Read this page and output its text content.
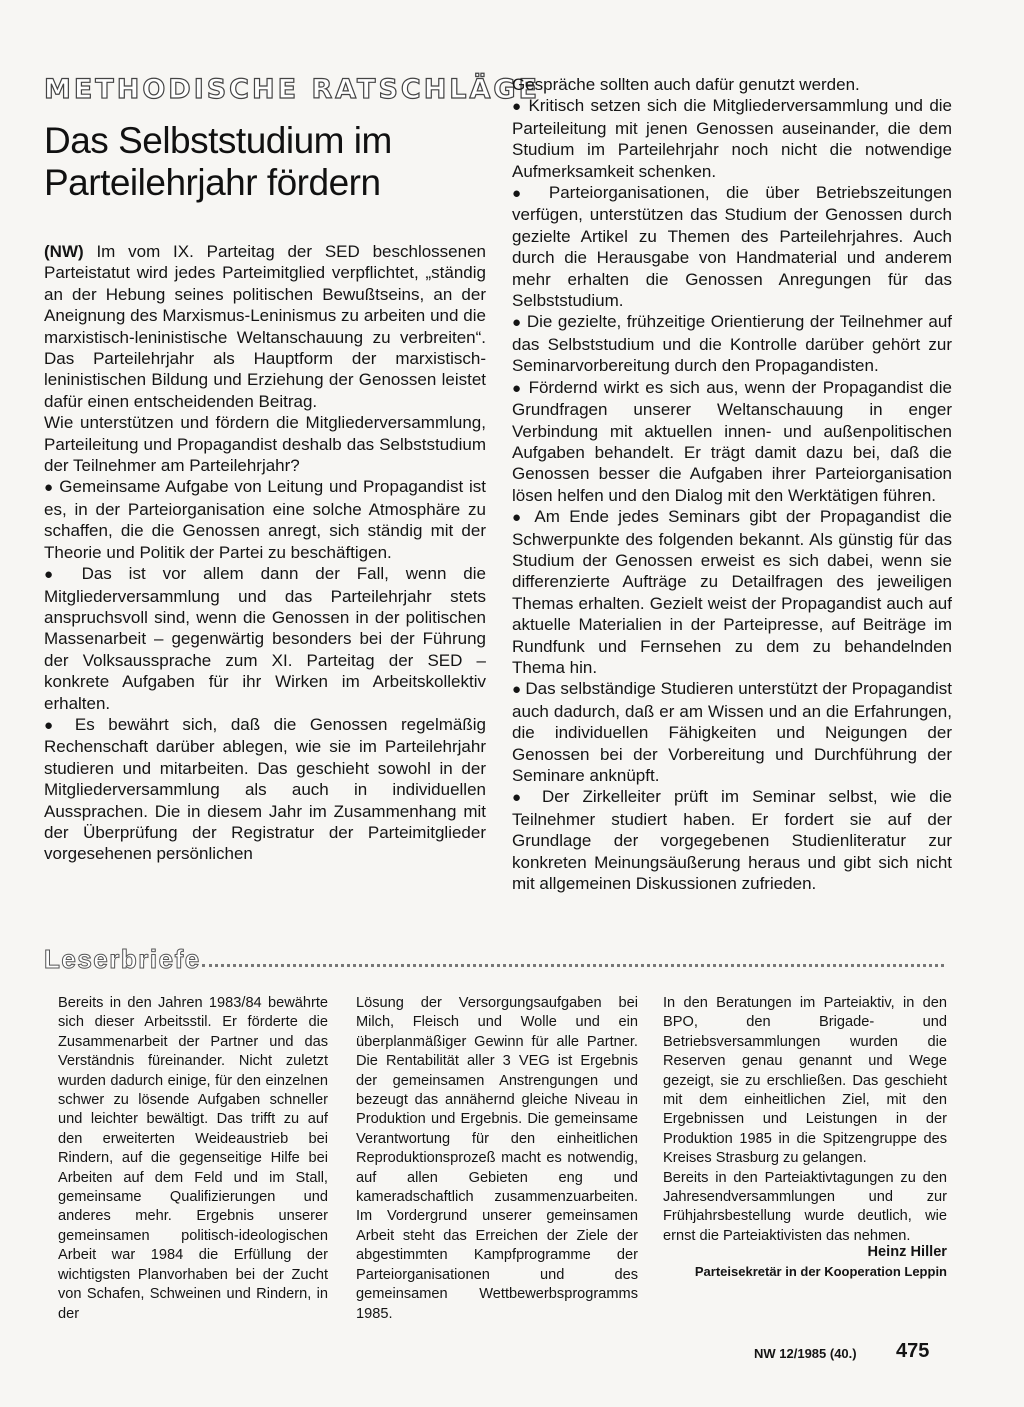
METHODISCHE RATSCHLÄGE
Das Selbststudium im Parteilehrjahr fördern

(NW) Im vom IX. Parteitag der SED beschlossenen Parteistatut wird jedes Parteimitglied verpflichtet, „ständig an der Hebung seines politischen Bewußtseins, an der Aneignung des Marxismus-Leninismus zu arbeiten und die marxistisch-leninistische Weltanschauung zu verbreiten“. Das Parteilehrjahr als Hauptform der marxistisch-leninistischen Bildung und Erziehung der Genossen leistet dafür einen entscheidenden Beitrag.

Wie unterstützen und fördern die Mitgliederversammlung, Parteileitung und Propagandist deshalb das Selbststudium der Teilnehmer am Parteilehrjahr?

● Gemeinsame Aufgabe von Leitung und Propagandist ist es, in der Parteiorganisation eine solche Atmosphäre zu schaffen, die die Genossen anregt, sich ständig mit der Theorie und Politik der Partei zu beschäftigen.

● Das ist vor allem dann der Fall, wenn die Mitgliederversammlung und das Parteilehrjahr stets anspruchsvoll sind, wenn die Genossen in der politischen Massenarbeit – gegenwärtig besonders bei der Führung der Volksaussprache zum XI. Parteitag der SED – konkrete Aufgaben für ihr Wirken im Arbeitskollektiv erhalten.

● Es bewährt sich, daß die Genossen regelmäßig Rechenschaft darüber ablegen, wie sie im Parteilehrjahr studieren und mitarbeiten. Das geschieht sowohl in der Mitgliederversammlung als auch in individuellen Aussprachen. Die in diesem Jahr im Zusammenhang mit der Überprüfung der Registratur der Parteimitglieder vorgesehenen persönlichen

Gespräche sollten auch dafür genutzt werden.

● Kritisch setzen sich die Mitgliederversammlung und die Parteileitung mit jenen Genossen auseinander, die dem Studium im Parteilehrjahr noch nicht die notwendige Aufmerksamkeit schenken.

● Parteiorganisationen, die über Betriebszeitungen verfügen, unterstützen das Studium der Genossen durch gezielte Artikel zu Themen des Parteilehrjahres. Auch durch die Herausgabe von Handmaterial und anderem mehr erhalten die Genossen Anregungen für das Selbststudium.

● Die gezielte, frühzeitige Orientierung der Teilnehmer auf das Selbststudium und die Kontrolle darüber gehört zur Seminarvorbereitung durch den Propagandisten.

● Fördernd wirkt es sich aus, wenn der Propagandist die Grundfragen unserer Weltanschauung in enger Verbindung mit aktuellen innen- und außenpolitischen Aufgaben behandelt. Er trägt damit dazu bei, daß die Genossen besser die Aufgaben ihrer Parteiorganisation lösen helfen und den Dialog mit den Werktätigen führen.

● Am Ende jedes Seminars gibt der Propagandist die Schwerpunkte des folgenden bekannt. Als günstig für das Studium der Genossen erweist es sich dabei, wenn sie differenzierte Aufträge zu Detailfragen des jeweiligen Themas erhalten. Gezielt weist der Propagandist auch auf aktuelle Materialien in der Parteipresse, auf Beiträge im Rundfunk und Fernsehen zu dem zu behandelnden Thema hin.

● Das selbständige Studieren unterstützt der Propagandist auch dadurch, daß er am Wissen und an die Erfahrungen, die individuellen Fähigkeiten und Neigungen der Genossen bei der Vorbereitung und Durchführung der Seminare anknüpft.

● Der Zirkelleiter prüft im Seminar selbst, wie die Teilnehmer studiert haben. Er fordert sie auf der Grundlage der vorgegebenen Studienliteratur zur konkreten Meinungsäußerung heraus und gibt sich nicht mit allgemeinen Diskussionen zufrieden.

Leserbriefe

Bereits in den Jahren 1983/84 bewährte sich dieser Arbeitsstil. Er förderte die Zusammenarbeit der Partner und das Verständnis füreinander. Nicht zuletzt wurden dadurch einige, für den einzelnen schwer zu lösende Aufgaben schneller und leichter bewältigt. Das trifft zu auf den erweiterten Weideaustrieb bei Rindern, auf die gegenseitige Hilfe bei Arbeiten auf dem Feld und im Stall, gemeinsame Qualifizierungen und anderes mehr. Ergebnis unserer gemeinsamen politisch-ideologischen Arbeit war 1984 die Erfüllung der wichtigsten Planvorhaben bei der Zucht von Schafen, Schweinen und Rindern, in der

Lösung der Versorgungsaufgaben bei Milch, Fleisch und Wolle und ein überplanmäßiger Gewinn für alle Partner. Die Rentabilität aller 3 VEG ist Ergebnis der gemeinsamen Anstrengungen und bezeugt das annähernd gleiche Niveau in Produktion und Ergebnis. Die gemeinsame Verantwortung für den einheitlichen Reproduktionsprozeß macht es notwendig, auf allen Gebieten eng und kameradschaftlich zusammenzuarbeiten. Im Vordergrund unserer gemeinsamen Arbeit steht das Erreichen der Ziele der abgestimmten Kampfprogramme der Parteiorganisationen und des gemeinsamen Wettbewerbsprogramms 1985.

In den Beratungen im Parteiaktiv, in den BPO, den Brigade- und Betriebsversammlungen wurden die Reserven genau genannt und Wege gezeigt, sie zu erschließen. Das geschieht mit dem einheitlichen Ziel, mit den Ergebnissen und Leistungen in der Produktion 1985 in die Spitzengruppe des Kreises Strasburg zu gelangen.

Bereits in den Parteiaktivtagungen zu den Jahresendversammlungen und zur Frühjahrsbestellung wurde deutlich, wie ernst die Parteiaktivisten das nehmen.

Heinz Hiller
Parteisekretär in der Kooperation Leppin
NW 12/1985 (40.) 475
